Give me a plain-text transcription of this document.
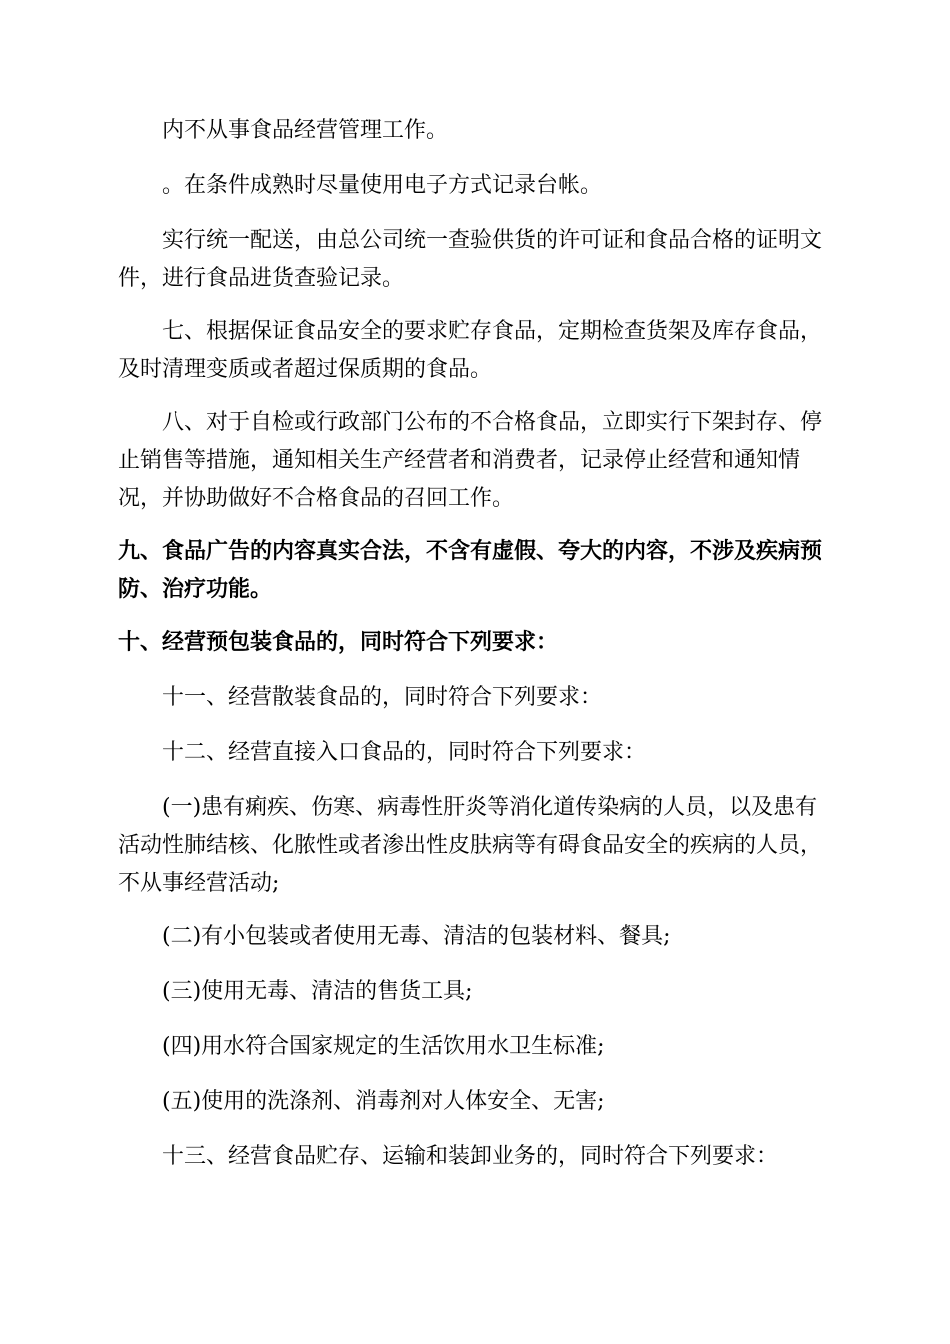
内不从事食品经营管理工作。

。在条件成熟时尽量使用电子方式记录台帐。

实行统一配送，由总公司统一查验供货的许可证和食品合格的证明文件，进行食品进货查验记录。

七、根据保证食品安全的要求贮存食品，定期检查货架及库存食品，及时清理变质或者超过保质期的食品。

八、对于自检或行政部门公布的不合格食品，立即实行下架封存、停止销售等措施，通知相关生产经营者和消费者，记录停止经营和通知情况，并协助做好不合格食品的召回工作。

九、食品广告的内容真实合法，不含有虚假、夸大的内容，不涉及疾病预防、治疗功能。

十、经营预包装食品的，同时符合下列要求：

十一、经营散装食品的，同时符合下列要求：

十二、经营直接入口食品的，同时符合下列要求：

(一)患有痢疾、伤寒、病毒性肝炎等消化道传染病的人员，以及患有活动性肺结核、化脓性或者渗出性皮肤病等有碍食品安全的疾病的人员，不从事经营活动;

(二)有小包装或者使用无毒、清洁的包装材料、餐具;

(三)使用无毒、清洁的售货工具;

(四)用水符合国家规定的生活饮用水卫生标准;

(五)使用的洗涤剂、消毒剂对人体安全、无害;

十三、经营食品贮存、运输和装卸业务的，同时符合下列要求：
